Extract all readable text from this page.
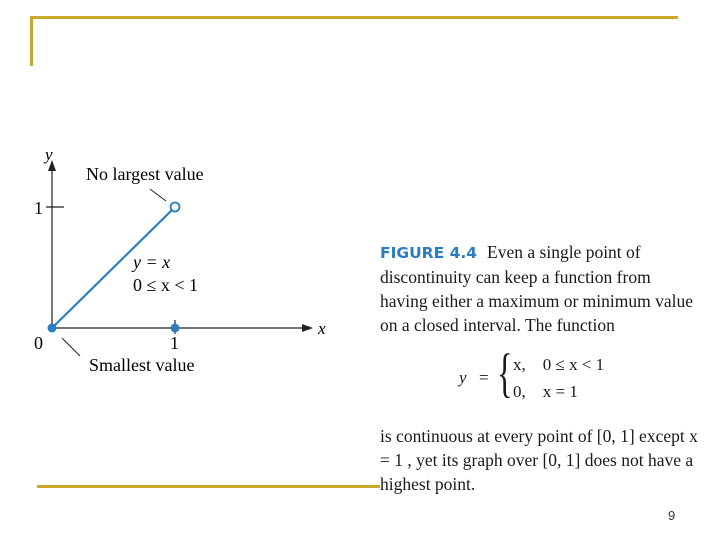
y
x
1
0	1
No largest value
Smallest value
y = x
0 ≤ x < 1
FIGURE 4.4 Even a single point of discontinuity can keep a function from having either a maximum or minimum value on a closed interval. The function
y = { x,    0 ≤ x < 1
0,    x = 1
is continuous at every point of [0, 1] except x = 1 , yet its graph over [0, 1] does not have a highest point.
9
